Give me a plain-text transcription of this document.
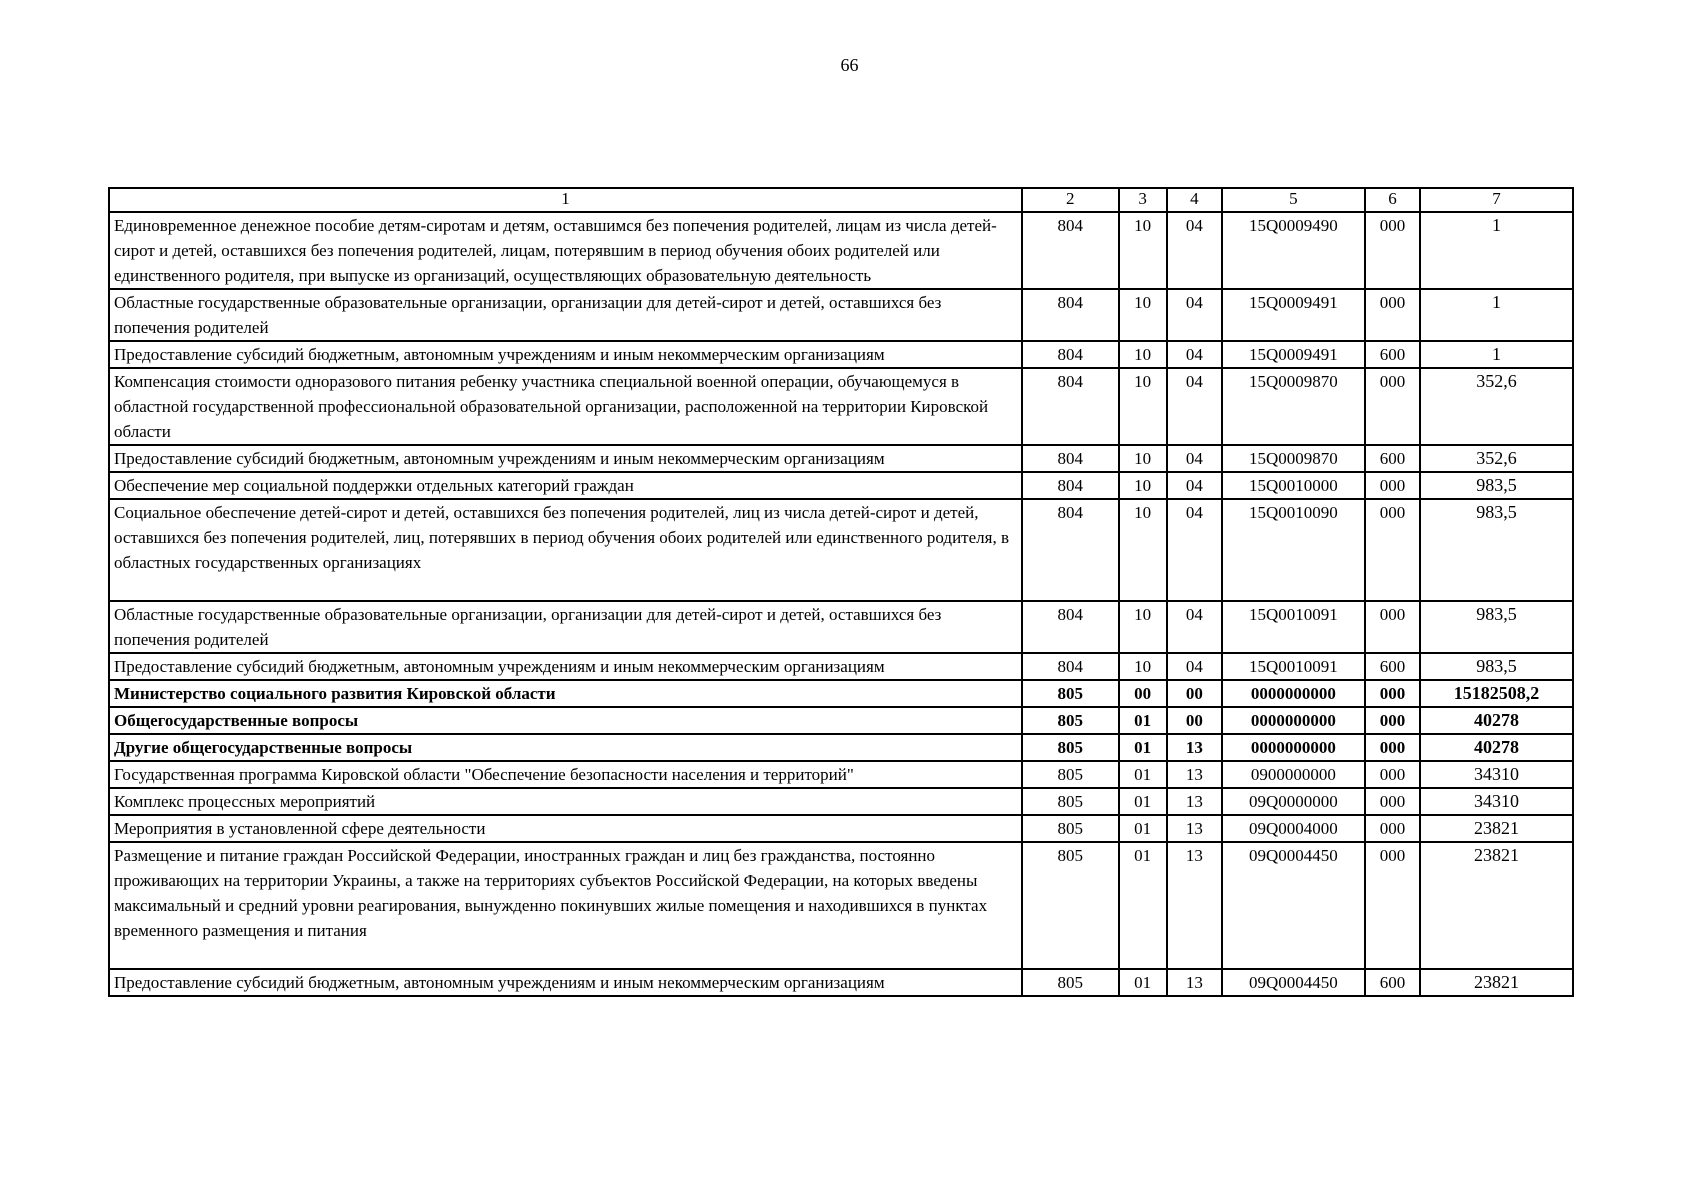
66
1	2	3	4	5	6	7
Единовременное денежное пособие детям-сиротам и детям, оставшимся без попечения родителей, лицам из числа детей-сирот и детей, оставшихся без попечения родителей, лицам, потерявшим в период обучения обоих родителей или единственного родителя, при выпуске из организаций, осуществляющих образовательную деятельность	804	10	04	15Q0009490	000	1
Областные государственные образовательные организации, организации для детей-сирот и детей, оставшихся без попечения родителей	804	10	04	15Q0009491	000	1
Предоставление субсидий бюджетным, автономным учреждениям и иным некоммерческим организациям	804	10	04	15Q0009491	600	1
Компенсация стоимости одноразового питания ребенку участника специальной военной операции, обучающемуся в областной государственной профессиональной образовательной организации, расположенной на территории Кировской области	804	10	04	15Q0009870	000	352,6
Предоставление субсидий бюджетным, автономным учреждениям и иным некоммерческим организациям	804	10	04	15Q0009870	600	352,6
Обеспечение мер социальной поддержки отдельных категорий граждан	804	10	04	15Q0010000	000	983,5
Социальное обеспечение детей-сирот и детей, оставшихся без попечения родителей, лиц из числа детей-сирот и детей, оставшихся без попечения родителей, лиц, потерявших в период обучения обоих родителей или единственного родителя, в областных государственных организациях	804	10	04	15Q0010090	000	983,5
Областные государственные образовательные организации, организации для детей-сирот и детей, оставшихся без попечения родителей	804	10	04	15Q0010091	000	983,5
Предоставление субсидий бюджетным, автономным учреждениям и иным некоммерческим организациям	804	10	04	15Q0010091	600	983,5
Министерство социального развития Кировской области	805	00	00	0000000000	000	15182508,2
Общегосударственные вопросы	805	01	00	0000000000	000	40278
Другие общегосударственные вопросы	805	01	13	0000000000	000	40278
Государственная программа Кировской области "Обеспечение безопасности населения и территорий"	805	01	13	0900000000	000	34310
Комплекс процессных мероприятий	805	01	13	09Q0000000	000	34310
Мероприятия в установленной сфере деятельности	805	01	13	09Q0004000	000	23821
Размещение и питание граждан Российской Федерации, иностранных граждан и лиц без гражданства, постоянно проживающих на территории Украины, а также на территориях субъектов Российской Федерации, на которых введены максимальный и средний уровни реагирования, вынужденно покинувших жилые помещения и находившихся в пунктах временного размещения и питания	805	01	13	09Q0004450	000	23821
Предоставление субсидий бюджетным, автономным учреждениям и иным некоммерческим организациям	805	01	13	09Q0004450	600	23821
